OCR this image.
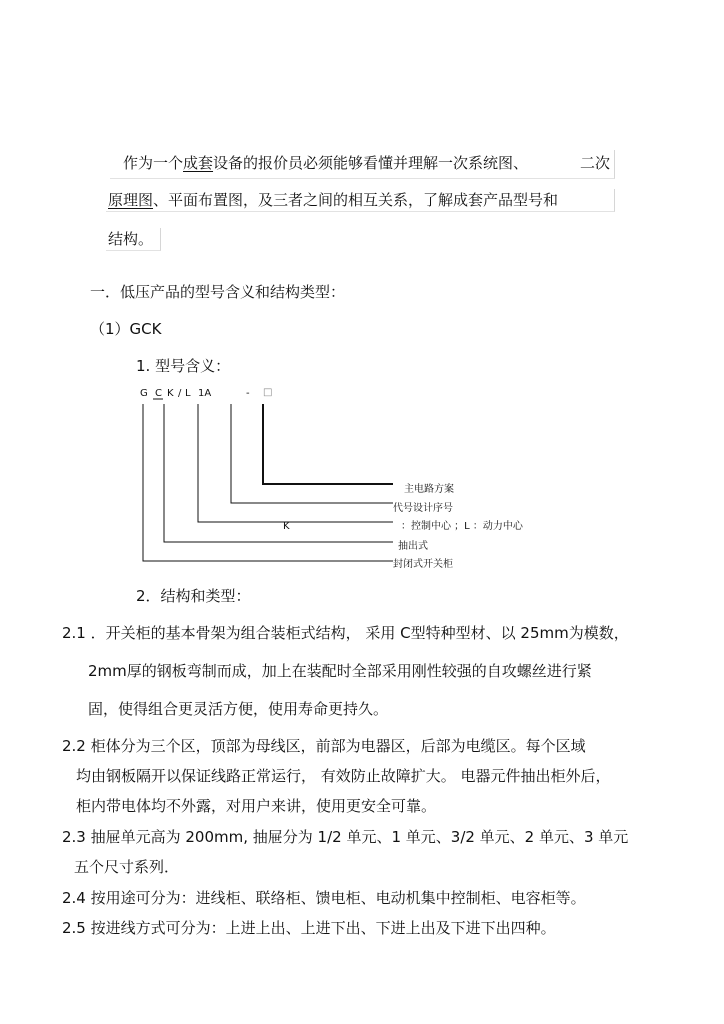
作为一个成套设备的报价员必须能够看懂并理解一次系统图、	二次
原理图、平面布置图，及三者之间的相互关系，了解成套产品型号和
结构。
一．低压产品的型号含义和结构类型：
（1）GCK
1. 型号含义：
G C K / L 1A	- □
主电路方案
代号设计序号
K	：控制中心 ；L ：动力中心
抽出式
封闭式开关柜
2．结构和类型：
2.1 ．开关柜的基本骨架为组合装柜式结构， 采用 C型特种型材、以 25mm为模数，
2mm厚的钢板弯制而成，加上在装配时全部采用刚性较强的自攻螺丝进行紧
固，使得组合更灵活方便，使用寿命更持久。
2.2 柜体分为三个区，顶部为母线区，前部为电器区，后部为电缆区。每个区域
均由钢板隔开以保证线路正常运行， 有效防止故障扩大。 电器元件抽出柜外后，
柜内带电体均不外露，对用户来讲，使用更安全可靠。
2.3 抽屉单元高为 200mm, 抽屉分为 1/2 单元、1 单元、3/2 单元、2 单元、3 单元
五个尺寸系列．
2.4 按用途可分为：进线柜、联络柜、馈电柜、电动机集中控制柜、电容柜等。
2.5 按进线方式可分为：上进上出、上进下出、下进上出及下进下出四种。
